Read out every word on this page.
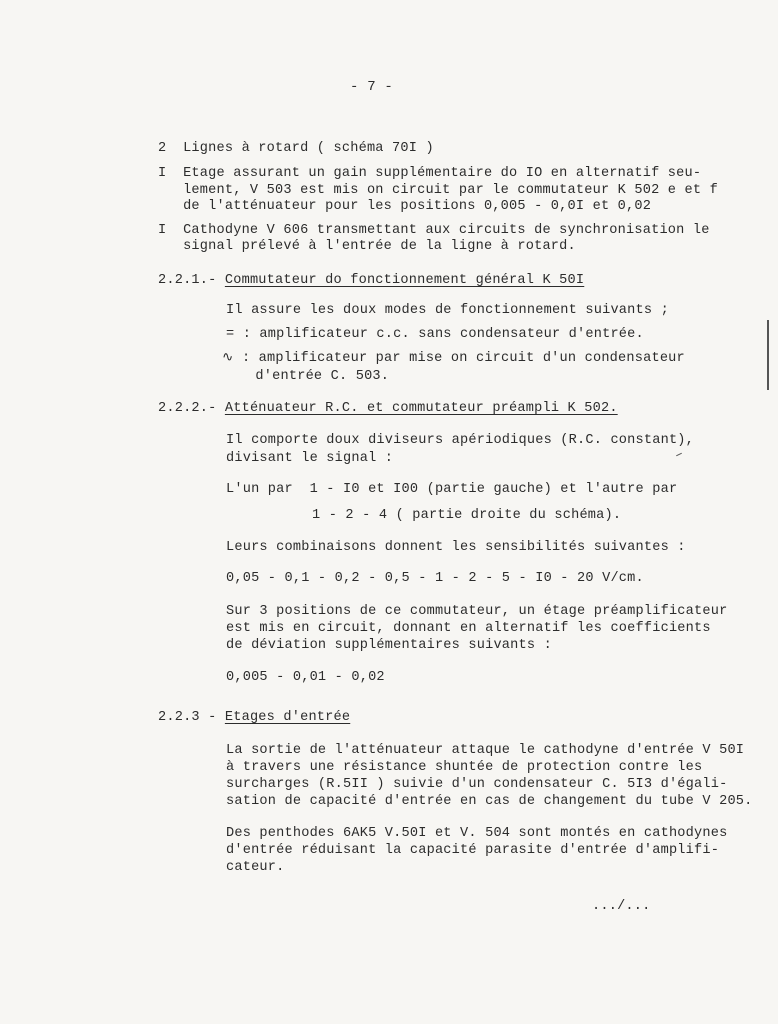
- 7 -
2  Lignes à rotard ( schéma 70I )
I  Etage assurant un gain supplémentaire do IO en alternatif seu-
lement, V 503 est mis on circuit par le commutateur K 502 e et f
de l'atténuateur pour les positions 0,005 - 0,0I et 0,02
I  Cathodyne V 606 transmettant aux circuits de synchronisation le
signal prélevé à l'entrée de la ligne à rotard.
2.2.1.- Commutateur do fonctionnement général K 50I
Il assure les doux modes de fonctionnement suivants ;
= : amplificateur c.c. sans condensateur d'entrée.
∿ : amplificateur par mise on circuit d'un condensateur
d'entrée C. 503.
2.2.2.- Atténuateur R.C. et commutateur préampli K 502.
Il comporte doux diviseurs apériodiques (R.C. constant),
divisant le signal :
L'un par  1 - I0 et I00 (partie gauche) et l'autre par
1 - 2 - 4 ( partie droite du schéma).
Leurs combinaisons donnent les sensibilités suivantes :
0,05 - 0,1 - 0,2 - 0,5 - 1 - 2 - 5 - I0 - 20 V/cm.
Sur 3 positions de ce commutateur, un étage préamplificateur
est mis en circuit, donnant en alternatif les coefficients
de déviation supplémentaires suivants :
0,005 - 0,01 - 0,02
2.2.3 - Etages d'entrée
La sortie de l'atténuateur attaque le cathodyne d'entrée V 50I
à travers une résistance shuntée de protection contre les
surcharges (R.5II ) suivie d'un condensateur C. 5I3 d'égali-
sation de capacité d'entrée en cas de changement du tube V 205.
Des penthodes 6AK5 V.50I et V. 504 sont montés en cathodynes
d'entrée réduisant la capacité parasite d'entrée d'amplifi-
cateur.
.../...
